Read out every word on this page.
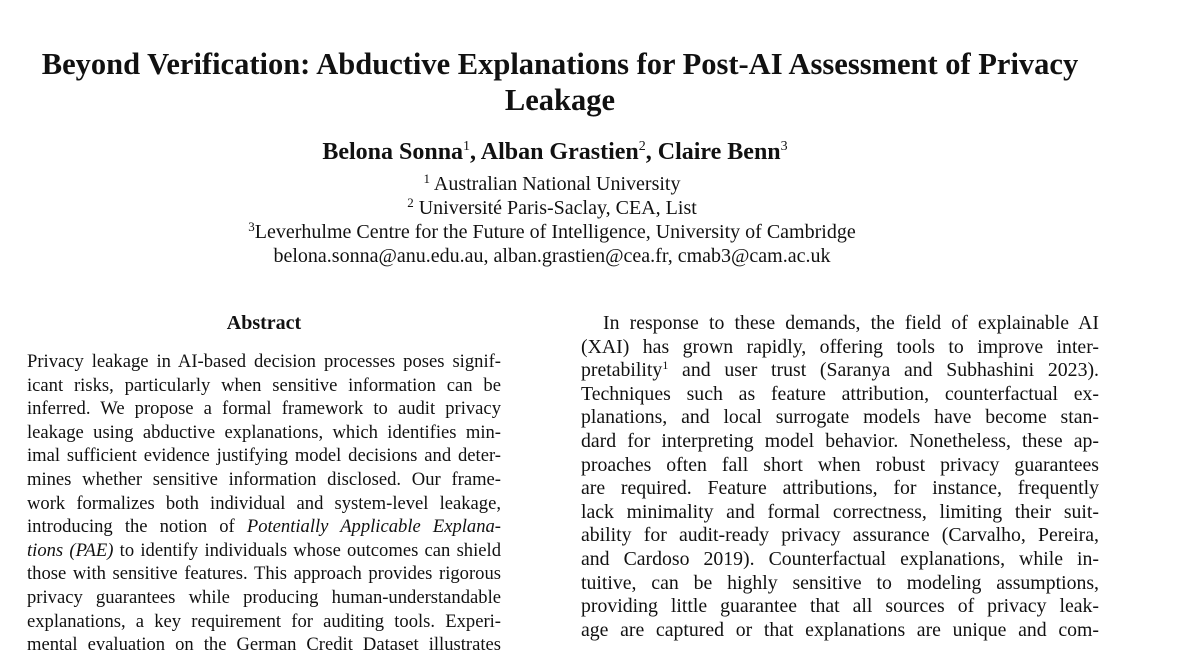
Beyond Verification: Abductive Explanations for Post-AI Assessment of Privacy
Leakage
Belona Sonna$^1$, Alban Grastien$^2$, Claire Benn$^3$
$^1$ Australian National University
$^2$ Université Paris-Saclay, CEA, List
$^3$Leverhulme Centre for the Future of Intelligence, University of Cambridge
belona.sonna@anu.edu.au, alban.grastien@cea.fr, cmab3@cam.ac.uk
Abstract
Privacy leakage in AI-based decision processes poses signif-
icant risks, particularly when sensitive information can be
inferred. We propose a formal framework to audit privacy
leakage using abductive explanations, which identifies min-
imal sufficient evidence justifying model decisions and deter-
mines whether sensitive information disclosed. Our frame-
work formalizes both individual and system-level leakage,
introducing the notion of Potentially Applicable Explana-
tions (PAE) to identify individuals whose outcomes can shield
those with sensitive features. This approach provides rigorous
privacy guarantees while producing human-understandable
explanations, a key requirement for auditing tools. Experi-
mental evaluation on the German Credit Dataset illustrates
In response to these demands, the field of explainable AI
(XAI) has grown rapidly, offering tools to improve inter-
pretability$^1$ and user trust (Saranya and Subhashini 2023).
Techniques such as feature attribution, counterfactual ex-
planations, and local surrogate models have become stan-
dard for interpreting model behavior. Nonetheless, these ap-
proaches often fall short when robust privacy guarantees
are required. Feature attributions, for instance, frequently
lack minimality and formal correctness, limiting their suit-
ability for audit-ready privacy assurance (Carvalho, Pereira,
and Cardoso 2019). Counterfactual explanations, while in-
tuitive, can be highly sensitive to modeling assumptions,
providing little guarantee that all sources of privacy leak-
age are captured or that explanations are unique and com-
